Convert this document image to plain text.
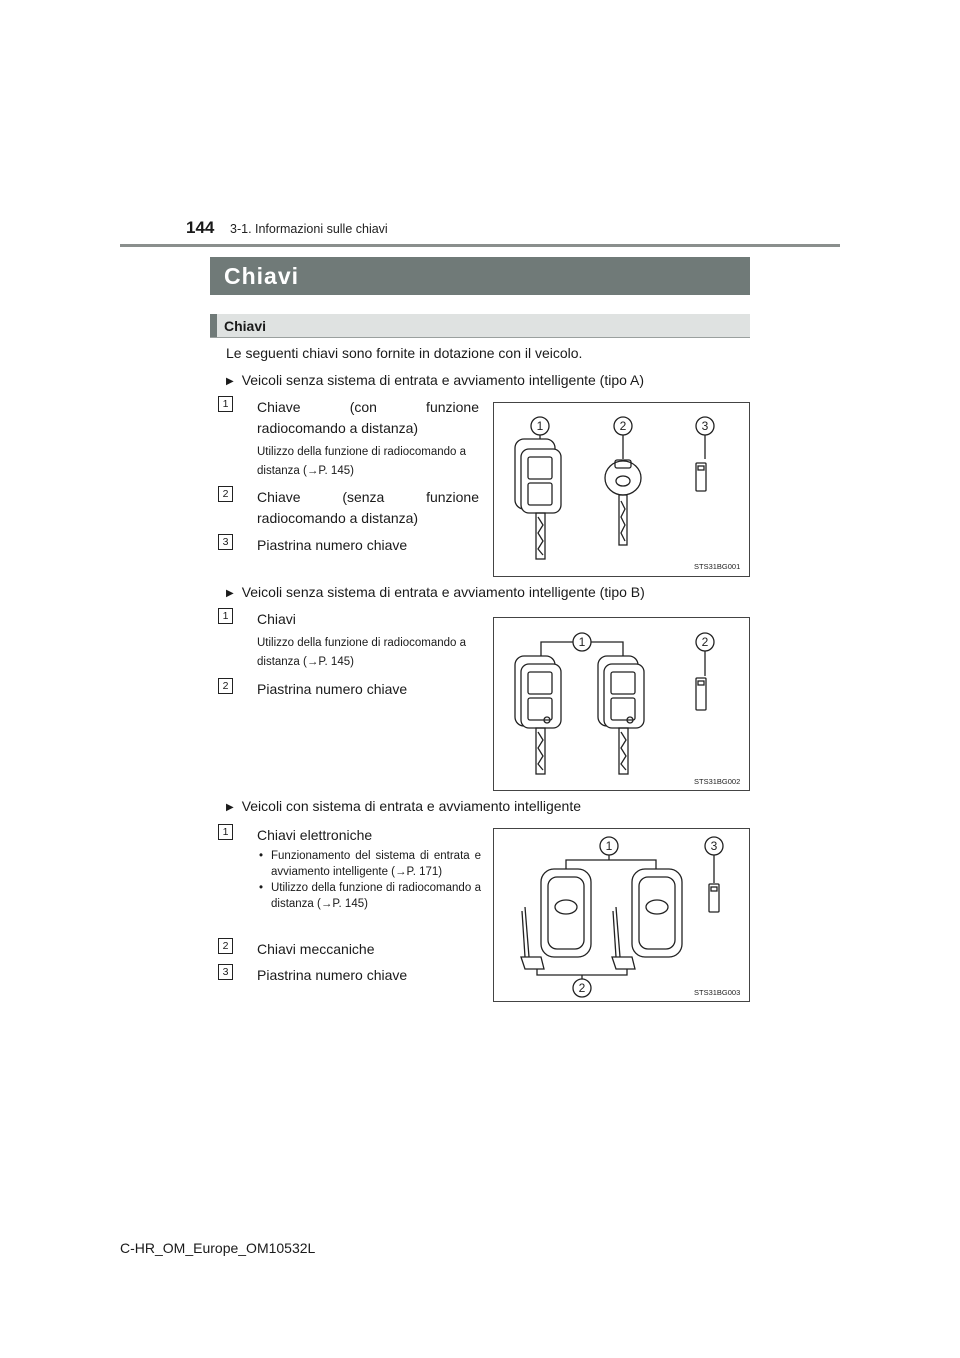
144 3-1. Informazioni sulle chiavi
Chiavi
Chiavi
Le seguenti chiavi sono fornite in dotazione con il veicolo.
▶ Veicoli senza sistema di entrata e avviamento intelligente (tipo A)
1	Chiave (con funzione radiocomando a distanza)
Utilizzo della funzione di radiocomando a distanza (→P. 145)
2	Chiave (senza funzione radiocomando a distanza)
3	Piastrina numero chiave
1	2	3
STS31BG001
▶ Veicoli senza sistema di entrata e avviamento intelligente (tipo B)
1	Chiavi
Utilizzo della funzione di radiocomando a distanza (→P. 145)
2	Piastrina numero chiave
1	2
STS31BG002
▶ Veicoli con sistema di entrata e avviamento intelligente
1	Chiavi elettroniche
• Funzionamento del sistema di entrata e avviamento intelligente (→P. 171)
• Utilizzo della funzione di radiocomando a distanza (→P. 145)
2	Chiavi meccaniche
3	Piastrina numero chiave
1	3
2	STS31BG003
C-HR_OM_Europe_OM10532L
